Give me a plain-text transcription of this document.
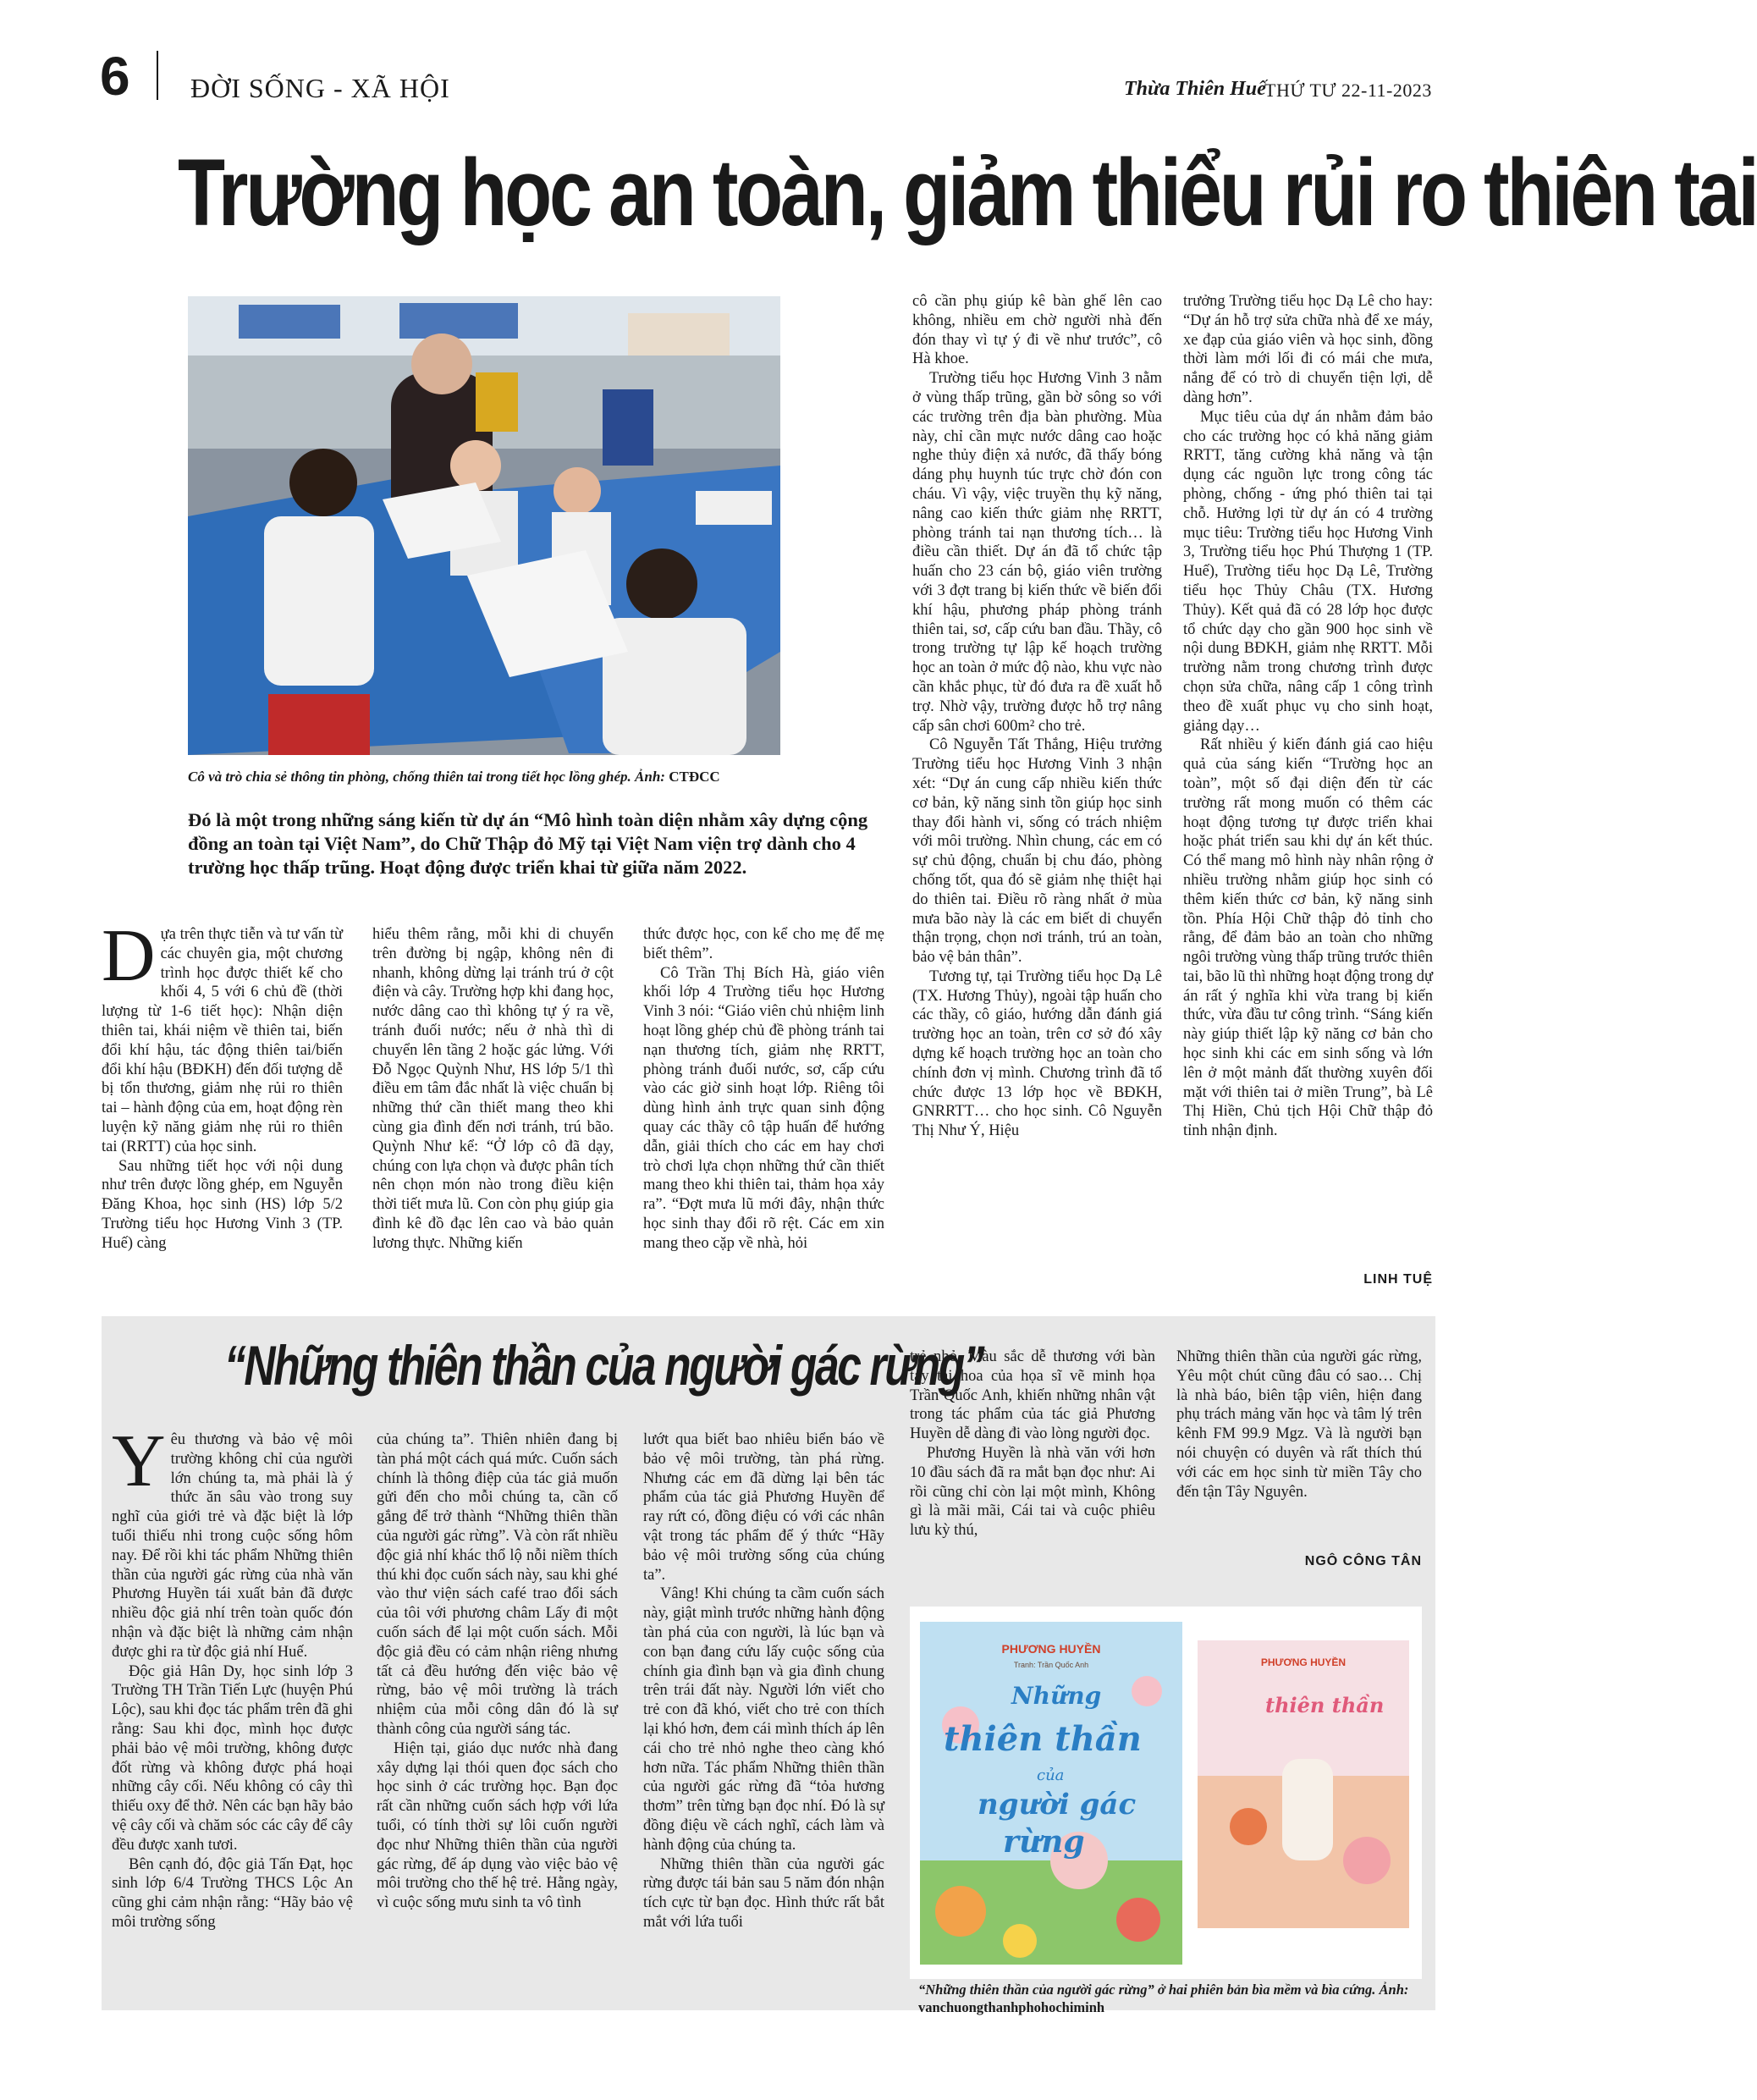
6 ĐỜI SỐNG - XÃ HỘI	Thừa Thiên Huế
THỨ TƯ 22-11-2023
Trường học an toàn, giảm thiểu rủi ro thiên tai
Cô và trò chia sẻ thông tin phòng, chống thiên tai trong tiết học lồng ghép. Ảnh: CTĐCC
Đó là một trong những sáng kiến từ dự án “Mô hình toàn diện nhằm xây dựng cộng đồng an toàn tại Việt Nam”, do Chữ Thập đỏ Mỹ tại Việt Nam viện trợ dành cho 4 trường học thấp trũng. Hoạt động được triển khai từ giữa năm 2022.
D ựa trên thực tiễn và tư vấn từ các chuyên gia, một chương trình học được thiết kế cho khối 4, 5 với 6 chủ đề (thời lượng từ 1-6 tiết học): Nhận diện thiên tai, khái niệm về thiên tai, biến đổi khí hậu, tác động thiên tai/biến đổi khí hậu (BĐKH) đến đối tượng dễ bị tổn thương, giảm nhẹ rủi ro thiên tai – hành động của em, hoạt động rèn luyện kỹ năng giảm nhẹ rủi ro thiên tai (RRTT) của học sinh.

Sau những tiết học với nội dung như trên được lồng ghép, em Nguyễn Đăng Khoa, học sinh (HS) lớp 5/2 Trường tiểu học Hương Vinh 3 (TP. Huế) càng

hiểu thêm rằng, mỗi khi di chuyển trên đường bị ngập, không nên đi nhanh, không dừng lại tránh trú ở cột điện và cây. Trường hợp khi đang học, nước dâng cao thì không tự ý ra về, tránh đuối nước; nếu ở nhà thì di chuyển lên tầng 2 hoặc gác lửng. Với Đỗ Ngọc Quỳnh Như, HS lớp 5/1 thì điều em tâm đắc nhất là việc chuẩn bị những thứ cần thiết mang theo khi cùng gia đình đến nơi tránh, trú bão. Quỳnh Như kể: “Ở lớp cô đã dạy, chúng con lựa chọn và được phân tích nên chọn món nào trong điều kiện thời tiết mưa lũ. Con còn phụ giúp gia đình kê đồ đạc lên cao và bảo quản lương thực. Những kiến

thức được học, con kể cho mẹ để mẹ biết thêm”.

Cô Trần Thị Bích Hà, giáo viên khối lớp 4 Trường tiểu học Hương Vinh 3 nói: “Giáo viên chủ nhiệm linh hoạt lồng ghép chủ đề phòng tránh tai nạn thương tích, giảm nhẹ RRTT, phòng tránh đuối nước, sơ, cấp cứu vào các giờ sinh hoạt lớp. Riêng tôi dùng hình ảnh trực quan sinh động quay các thầy cô tập huấn để hướng dẫn, giải thích cho các em hay chơi trò chơi lựa chọn những thứ cần thiết mang theo khi thiên tai, thảm họa xảy ra”. “Đợt mưa lũ mới đây, nhận thức học sinh thay đổi rõ rệt. Các em xin mang theo cặp về nhà, hỏi

cô cần phụ giúp kê bàn ghế lên cao không, nhiều em chờ người nhà đến đón thay vì tự ý đi về như trước”, cô Hà khoe.

Trường tiểu học Hương Vinh 3 nằm ở vùng thấp trũng, gần bờ sông so với các trường trên địa bàn phường. Mùa này, chỉ cần mực nước dâng cao hoặc nghe thủy điện xả nước, đã thấy bóng dáng phụ huynh túc trực chờ đón con cháu. Vì vậy, việc truyền thụ kỹ năng, nâng cao kiến thức giảm nhẹ RRTT, phòng tránh tai nạn thương tích… là điều cần thiết. Dự án đã tổ chức tập huấn cho 23 cán bộ, giáo viên trường với 3 đợt trang bị kiến thức về biến đổi khí hậu, phương pháp phòng tránh thiên tai, sơ, cấp cứu ban đầu. Thầy, cô trong trường tự lập kế hoạch trường học an toàn ở mức độ nào, khu vực nào cần khắc phục, từ đó đưa ra đề xuất hỗ trợ. Nhờ vậy, trường được hỗ trợ nâng cấp sân chơi 600m² cho trẻ.

Cô Nguyễn Tất Thắng, Hiệu trưởng Trường tiểu học Hương Vinh 3 nhận xét: “Dự án cung cấp nhiều kiến thức cơ bản, kỹ năng sinh tồn giúp học sinh thay đổi hành vi, sống có trách nhiệm với môi trường. Nhìn chung, các em có sự chủ động, chuẩn bị chu đáo, phòng chống tốt, qua đó sẽ giảm nhẹ thiệt hại do thiên tai. Điều rõ ràng nhất ở mùa mưa bão này là các em biết di chuyển thận trọng, chọn nơi tránh, trú an toàn, bảo vệ bản thân”.

Tương tự, tại Trường tiểu học Dạ Lê (TX. Hương Thủy), ngoài tập huấn cho các thầy, cô giáo, hướng dẫn đánh giá trường học an toàn, trên cơ sở đó xây dựng kế hoạch trường học an toàn cho chính đơn vị mình. Chương trình đã tổ chức được 13 lớp học về BĐKH, GNRRTT… cho học sinh. Cô Nguyễn Thị Như Ý, Hiệu

trưởng Trường tiểu học Dạ Lê cho hay: “Dự án hỗ trợ sửa chữa nhà để xe máy, xe đạp của giáo viên và học sinh, đồng thời làm mới lối đi có mái che mưa, nắng để có trò di chuyển tiện lợi, dễ dàng hơn”.

Mục tiêu của dự án nhằm đảm bảo cho các trường học có khả năng giảm RRTT, tăng cường khả năng và tận dụng các nguồn lực trong công tác phòng, chống - ứng phó thiên tai tại chỗ. Hưởng lợi từ dự án có 4 trường mục tiêu: Trường tiểu học Hương Vinh 3, Trường tiểu học Phú Thượng 1 (TP. Huế), Trường tiểu học Dạ Lê, Trường tiểu học Thủy Châu (TX. Hương Thủy). Kết quả đã có 28 lớp học được tổ chức dạy cho gần 900 học sinh về nội dung BĐKH, giảm nhẹ RRTT. Mỗi trường nằm trong chương trình được chọn sửa chữa, nâng cấp 1 công trình theo đề xuất phục vụ cho sinh hoạt, giảng dạy…

Rất nhiều ý kiến đánh giá cao hiệu quả của sáng kiến “Trường học an toàn”, một số đại diện đến từ các trường rất mong muốn có thêm các hoạt động tương tự được triển khai hoặc phát triển sau khi dự án kết thúc. Có thể mang mô hình này nhân rộng ở nhiều trường nhằm giúp học sinh có thêm kiến thức cơ bản, kỹ năng sinh tồn. Phía Hội Chữ thập đỏ tỉnh cho rằng, để đảm bảo an toàn cho những ngôi trường vùng thấp trũng trước thiên tai, bão lũ thì những hoạt động trong dự án rất ý nghĩa khi vừa trang bị kiến thức, vừa đầu tư công trình. “Sáng kiến này giúp thiết lập kỹ năng cơ bản cho học sinh khi các em sinh sống và lớn lên ở một mảnh đất thường xuyên đối mặt với thiên tai ở miền Trung”, bà Lê Thị Hiền, Chủ tịch Hội Chữ thập đỏ tỉnh nhận định.

LINH TUỆ
“Những thiên thần của người gác rừng”
Y êu thương và bảo vệ môi trường không chỉ của người lớn chúng ta, mà phải là ý thức ăn sâu vào trong suy nghĩ của giới trẻ và đặc biệt là lớp tuổi thiếu nhi trong cuộc sống hôm nay. Để rồi khi tác phẩm Những thiên thần của người gác rừng của nhà văn Phương Huyền tái xuất bản đã được nhiều độc giả nhí trên toàn quốc đón nhận và đặc biệt là những cảm nhận được ghi ra từ độc giả nhí Huế.

Độc giả Hân Dy, học sinh lớp 3 Trường TH Trần Tiến Lực (huyện Phú Lộc), sau khi đọc tác phẩm trên đã ghi rằng: Sau khi đọc, mình học được phải bảo vệ môi trường, không được đốt rừng và không được phá hoại những cây cối. Nếu không có cây thì thiếu oxy để thở. Nên các bạn hãy bảo vệ cây cối và chăm sóc các cây để cây đều được xanh tươi.

Bên cạnh đó, độc giả Tấn Đạt, học sinh lớp 6/4 Trường THCS Lộc An cũng ghi cảm nhận rằng: “Hãy bảo vệ môi trường sống

của chúng ta”. Thiên nhiên đang bị tàn phá một cách quá mức. Cuốn sách chính là thông điệp của tác giả muốn gửi đến cho mỗi chúng ta, cần cố gắng để trở thành “Những thiên thần của người gác rừng”. Và còn rất nhiều độc giả nhí khác thổ lộ nỗi niềm thích thú khi đọc cuốn sách này, sau khi ghé vào thư viện sách café trao đổi sách của tôi với phương châm Lấy đi một cuốn sách để lại một cuốn sách. Mỗi độc giả đều có cảm nhận riêng nhưng tất cả đều hướng đến việc bảo vệ rừng, bảo vệ môi trường là trách nhiệm của mỗi công dân đó là sự thành công của người sáng tác.

Hiện tại, giáo dục nước nhà đang xây dựng lại thói quen đọc sách cho học sinh ở các trường học. Bạn đọc rất cần những cuốn sách hợp với lứa tuổi, có tính thời sự lôi cuốn người đọc như Những thiên thần của người gác rừng, để áp dụng vào việc bảo vệ môi trường cho thế hệ trẻ. Hằng ngày, vì cuộc sống mưu sinh ta vô tình

lướt qua biết bao nhiêu biển báo về bảo vệ môi trường, tàn phá rừng. Nhưng các em đã dừng lại bên tác phẩm của tác giả Phương Huyền để ray rứt có, đồng điệu có với các nhân vật trong tác phẩm để ý thức “Hãy bảo vệ môi trường sống của chúng ta”.

Vâng! Khi chúng ta cầm cuốn sách này, giật mình trước những hành động tàn phá của con người, là lúc bạn và con bạn đang cứu lấy cuộc sống của chính gia đình bạn và gia đình chung trên trái đất này. Người lớn viết cho trẻ con đã khó, viết cho trẻ con thích lại khó hơn, đem cái mình thích áp lên cái cho trẻ nhỏ nghe theo càng khó hơn nữa. Tác phẩm Những thiên thần của người gác rừng đã “tỏa hương thơm” trên từng bạn đọc nhí. Đó là sự đồng điệu về cách nghĩ, cách làm và hành động của chúng ta.

Những thiên thần của người gác rừng được tái bản sau 5 năm đón nhận tích cực từ bạn đọc. Hình thức rất bắt mắt với lứa tuổi

trẻ nhỏ. Màu sắc dễ thương với bàn tay tài hoa của họa sĩ vẽ minh họa Trần Quốc Anh, khiến những nhân vật trong tác phẩm của tác giả Phương Huyền dễ dàng đi vào lòng người đọc.

Phương Huyền là nhà văn với hơn 10 đầu sách đã ra mắt bạn đọc như: Ai rồi cũng chỉ còn lại một mình, Không gì là mãi mãi, Cái tai và cuộc phiêu lưu kỳ thú,

Những thiên thần của người gác rừng, Yêu một chút cũng đâu có sao… Chị là nhà báo, biên tập viên, hiện đang phụ trách mảng văn học và tâm lý trên kênh FM 99.9 Mgz. Và là người bạn nói chuyện có duyên và rất thích thú với các em học sinh từ miền Tây cho đến tận Tây Nguyên.

NGÔ CÔNG TÂN
PHƯƠNG HUYỀN
Tranh: Trần Quốc Anh
Những
thiên thần
của
người gác
rừng
PHƯƠNG HUYỀN
thiên thần
“Những thiên thần của người gác rừng” ở hai phiên bản bìa mềm và bìa cứng. Ảnh: vanchuongthanhphohochiminh
